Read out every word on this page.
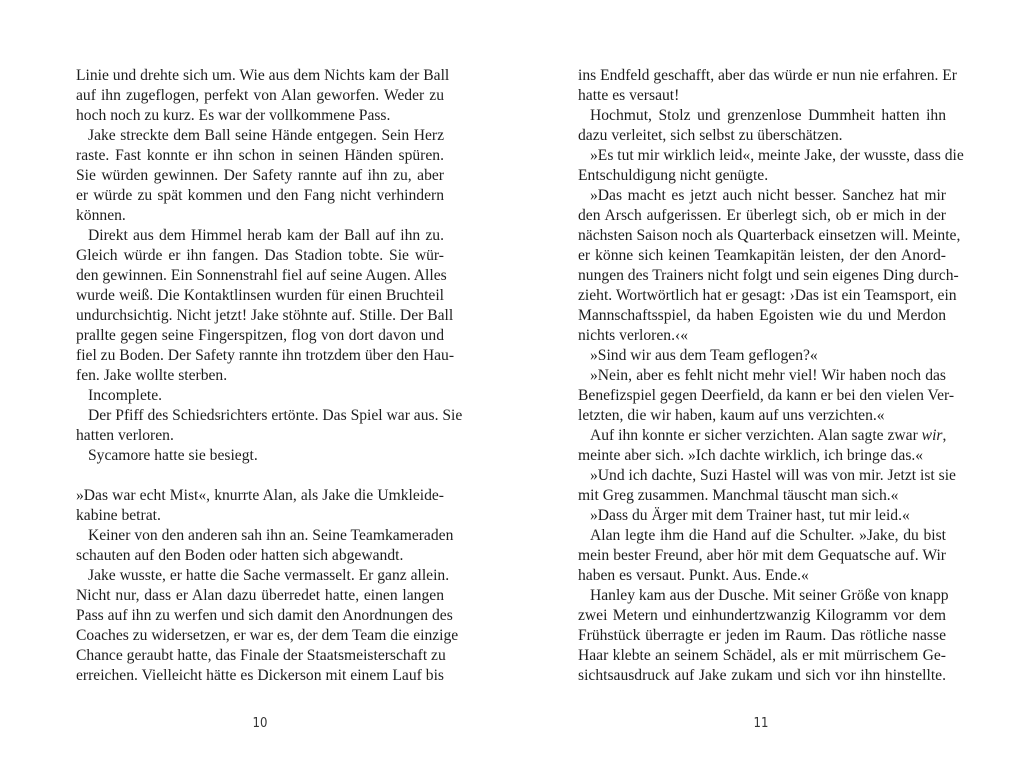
Linie und drehte sich um. Wie aus dem Nichts kam der Ball
auf ihn zugeflogen, perfekt von Alan geworfen. Weder zu
hoch noch zu kurz. Es war der vollkommene Pass.
Jake streckte dem Ball seine Hände entgegen. Sein Herz
raste. Fast konnte er ihn schon in seinen Händen spüren.
Sie würden gewinnen. Der Safety rannte auf ihn zu, aber
er würde zu spät kommen und den Fang nicht verhindern
können.
Direkt aus dem Himmel herab kam der Ball auf ihn zu.
Gleich würde er ihn fangen. Das Stadion tobte. Sie wür-
den gewinnen. Ein Sonnenstrahl fiel auf seine Augen. Alles
wurde weiß. Die Kontaktlinsen wurden für einen Bruchteil
undurchsichtig. Nicht jetzt! Jake stöhnte auf. Stille. Der Ball
prallte gegen seine Fingerspitzen, flog von dort davon und
fiel zu Boden. Der Safety rannte ihn trotzdem über den Hau-
fen. Jake wollte sterben.
Incomplete.
Der Pfiff des Schiedsrichters ertönte. Das Spiel war aus. Sie
hatten verloren.
Sycamore hatte sie besiegt.
»Das war echt Mist«, knurrte Alan, als Jake die Umkleide-
kabine betrat.
Keiner von den anderen sah ihn an. Seine Teamkameraden
schauten auf den Boden oder hatten sich abgewandt.
Jake wusste, er hatte die Sache vermasselt. Er ganz allein.
Nicht nur, dass er Alan dazu überredet hatte, einen langen
Pass auf ihn zu werfen und sich damit den Anordnungen des
Coaches zu widersetzen, er war es, der dem Team die einzige
Chance geraubt hatte, das Finale der Staatsmeisterschaft zu
erreichen. Vielleicht hätte es Dickerson mit einem Lauf bis
ins Endfeld geschafft, aber das würde er nun nie erfahren. Er
hatte es versaut!
Hochmut, Stolz und grenzenlose Dummheit hatten ihn
dazu verleitet, sich selbst zu überschätzen.
»Es tut mir wirklich leid«, meinte Jake, der wusste, dass die
Entschuldigung nicht genügte.
»Das macht es jetzt auch nicht besser. Sanchez hat mir
den Arsch aufgerissen. Er überlegt sich, ob er mich in der
nächsten Saison noch als Quarterback einsetzen will. Meinte,
er könne sich keinen Teamkapitän leisten, der den Anord-
nungen des Trainers nicht folgt und sein eigenes Ding durch-
zieht. Wortwörtlich hat er gesagt: ›Das ist ein Teamsport, ein
Mannschaftsspiel, da haben Egoisten wie du und Merdon
nichts verloren.‹«
»Sind wir aus dem Team geflogen?«
»Nein, aber es fehlt nicht mehr viel! Wir haben noch das
Benefizspiel gegen Deerfield, da kann er bei den vielen Ver-
letzten, die wir haben, kaum auf uns verzichten.«
Auf ihn konnte er sicher verzichten. Alan sagte zwar wir,
meinte aber sich. »Ich dachte wirklich, ich bringe das.«
»Und ich dachte, Suzi Hastel will was von mir. Jetzt ist sie
mit Greg zusammen. Manchmal täuscht man sich.«
»Dass du Ärger mit dem Trainer hast, tut mir leid.«
Alan legte ihm die Hand auf die Schulter. »Jake, du bist
mein bester Freund, aber hör mit dem Gequatsche auf. Wir
haben es versaut. Punkt. Aus. Ende.«
Hanley kam aus der Dusche. Mit seiner Größe von knapp
zwei Metern und einhundertzwanzig Kilogramm vor dem
Frühstück überragte er jeden im Raum. Das rötliche nasse
Haar klebte an seinem Schädel, als er mit mürrischem Ge-
sichtsausdruck auf Jake zukam und sich vor ihn hinstellte.
10	11
